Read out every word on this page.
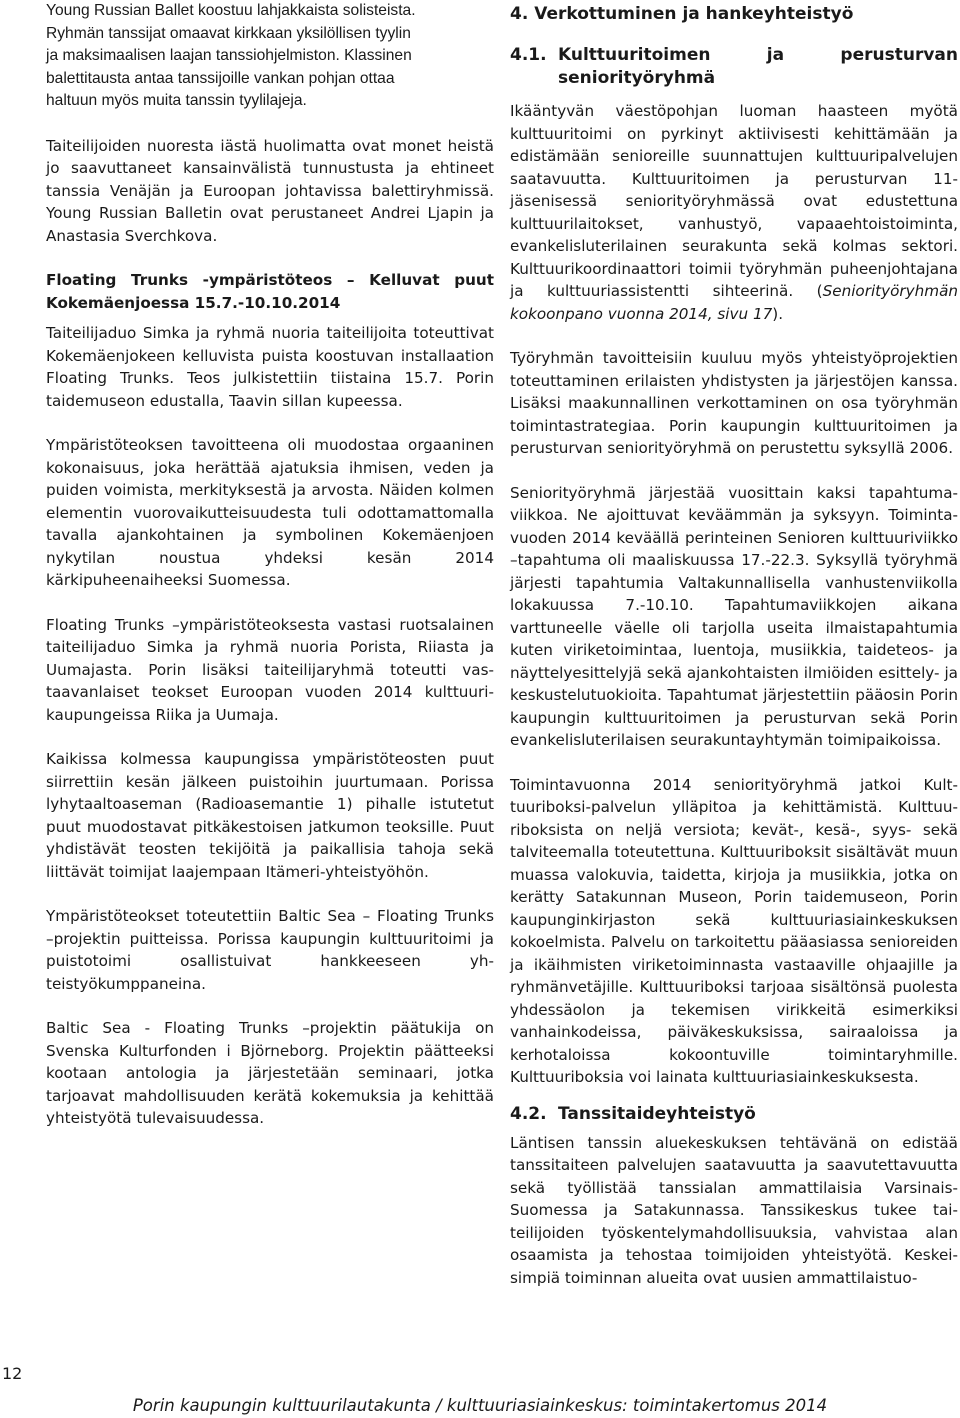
Young Russian Ballet koostuu lahjakkaista solisteista.
Ryhmän tanssijat omaavat kirkkaan yksilöllisen tyylin
ja maksimaalisen laajan tanssiohjelmiston. Klassinen
balettitausta antaa tanssijoille vankan pohjan ottaa
haltuun myös muita tanssin tyylilajeja.

Taiteilijoiden nuoresta iästä huolimatta ovat monet heistä jo saavuttaneet kansainvälistä tunnustusta ja ehtineet tanssia Venäjän ja Euroopan johtavissa balettiryhmissä. Young Russian Balletin ovat perustaneet Andrei Ljapin ja Anastasia Sverchkova.

Floating Trunks -ympäristöteos – Kelluvat puut Kokemäenjoessa 15.7.-10.10.2014

Taiteilijaduo Simka ja ryhmä nuoria taiteilijoita toteuttivat Kokemäenjokeen kelluvista puista koostuvan installaation Floating Trunks. Teos julkistettiin tiistaina 15.7. Porin taidemuseon edustalla, Taavin sillan kupeessa.

Ympäristöteoksen tavoitteena oli muodostaa orgaaninen kokonaisuus, joka herättää ajatuksia ihmisen, veden ja puiden voimista, merkityksestä ja arvosta. Näiden kolmen elementin vuorovaikutteisuudesta tuli odottamattomalla tavalla ajankohtainen ja symbolinen Kokemäenjoen nykytilan noustua yhdeksi kesän 2014 kärkipuheenaiheeksi Suomessa.

Floating Trunks –ympäristöteoksesta vastasi ruotsalainen taiteilijaduo Simka ja ryhmä nuoria Porista, Riiasta ja Uumajasta. Porin lisäksi taiteilijaryhmä toteutti vastaavanlaiset teokset Euroopan vuoden 2014 kulttuurikaupungeissa Riika ja Uumaja.

Kaikissa kolmessa kaupungissa ympäristöteosten puut siirrettiin kesän jälkeen puistoihin juurtumaan. Porissa lyhytaaltoaseman (Radioasemantie 1) pihalle istutetut puut muodostavat pitkäkestoisen jatkumon teoksille. Puut yhdistävät teosten tekijöitä ja paikallisia tahoja sekä liittävät toimijat laajempaan Itämeri-yhteistyöhön.

Ympäristöteokset toteutettiin Baltic Sea – Floating Trunks –projektin puitteissa. Porissa kaupungin kulttuuritoimi ja puistotoimi osallistuivat hankkeeseen yhteistyökumppaneina.

Baltic Sea - Floating Trunks –projektin päätukija on Svenska Kulturfonden i Björneborg. Projektin päätteeksi kootaan antologia ja järjestetään seminaari, jotka tarjoavat mahdollisuuden kerätä kokemuksia ja kehittää yhteistyötä tulevaisuudessa.

4. Verkottuminen ja hankeyhteistyö
4.1. Kulttuuritoimen ja perusturvan seniorityöryhmä

Ikääntyvän väestöpohjan luoman haasteen myötä kulttuuritoimi on pyrkinyt aktiivisesti kehittämään ja edistämään senioreille suunnattujen kulttuuripalvelujen saatavuutta. Kulttuuritoimen ja perusturvan 11-jäsenisessä seniorityöryhmässä ovat edustettuna kulttuurilaitokset, vanhustyö, vapaaehtoistoiminta, evankelisluterilainen seurakunta sekä kolmas sektori. Kulttuurikoordinaattori toimii työryhmän puheenjohtajana ja kulttuuriassistentti sihteerinä. (Seniorityöryhmän kokoonpano vuonna 2014, sivu 17).

Työryhmän tavoitteisiin kuuluu myös yhteistyöprojektien toteuttaminen erilaisten yhdistysten ja järjestöjen kanssa. Lisäksi maakunnallinen verkottaminen on osa työryhmän toimintastrategiaa. Porin kaupungin kulttuuritoimen ja perusturvan seniorityöryhmä on perustettu syksyllä 2006.

Seniorityöryhmä järjestää vuosittain kaksi tapahtumaviikkoa. Ne ajoittuvat keväämmän ja syksyyn. Toimintavuoden 2014 keväällä perinteinen Senioren kulttuuriviikko –tapahtuma oli maaliskuussa 17.-22.3. Syksyllä työryhmä järjesti tapahtumia Valtakunnallisella vanhustenviikolla lokakuussa 7.-10.10. Tapahtumaviikkojen aikana varttuneelle väelle oli tarjolla useita ilmaistapahtumia kuten viriketoimintaa, luentoja, musiikkia, taideteos- ja näyttelyesittelyjä sekä ajankohtaisten ilmiöiden esittely- ja keskustelutuokioita. Tapahtumat järjestettiin pääosin Porin kaupungin kulttuuritoimen ja perusturvan sekä Porin evankelisluterilaisen seurakuntayhtymän toimipaikoissa.

Toimintavuonna 2014 seniorityöryhmä jatkoi Kulttuuriboksi-palvelun ylläpitoa ja kehittämistä. Kulttuuriboksista on neljä versiota; kevät-, kesä-, syys- sekä talviteemalla toteutettuna. Kulttuuriboksit sisältävät muun muassa valokuvia, taidetta, kirjoja ja musiikkia, jotka on kerätty Satakunnan Museon, Porin taidemuseon, Porin kaupunginkirjaston sekä kulttuuriasiainkeskuksen kokoelmista. Palvelu on tarkoitettu pääasiassa senioreiden ja ikäihmisten viriketoiminnasta vastaaville ohjaajille ja ryhmänvetäjille. Kulttuuriboksi tarjoaa sisältönsä puolesta yhdessäolon ja tekemisen virikkeitä esimerkiksi vanhainkodeissa, päiväkeskuksissa, sairaaloissa ja kerhotaloissa kokoontuville toimintaryhmille. Kulttuuriboksia voi lainata kulttuuriasiainkeskuksesta.

4.2. Tanssitaideyhteistyö

Läntisen tanssin aluekeskuksen tehtävänä on edistää tanssitaiteen palvelujen saatavuutta ja saavutettavuutta sekä työllistää tanssialan ammattilaisia Varsinais-Suomessa ja Satakunnassa. Tanssikeskus tukee taiteilijoiden työskentelymahdollisuuksia, vahvistaa alan osaamista ja tehostaa toimijoiden yhteistyötä. Keskeisimpiä toiminnan alueita ovat uusien ammattilaistuo-

12
Porin kaupungin kulttuurilautakunta / kulttuuriasiainkeskus: toimintakertomus 2014
